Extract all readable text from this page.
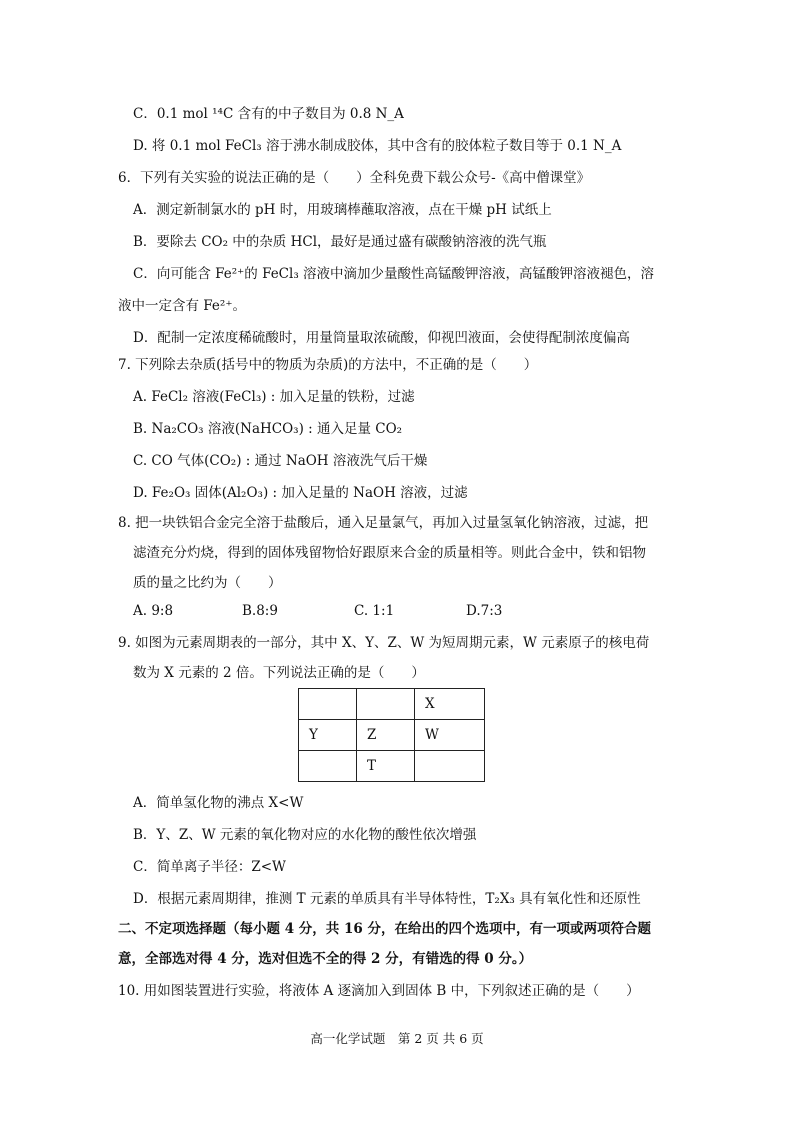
C．0.1 mol ¹⁴C 含有的中子数目为 0.8 N_A
D. 将 0.1 mol FeCl₃ 溶于沸水制成胶体，其中含有的胶体粒子数目等于 0.1 N_A
6．下列有关实验的说法正确的是（　　）全科免费下载公众号-《高中僧课堂》
A．测定新制氯水的 pH 时，用玻璃棒蘸取溶液，点在干燥 pH 试纸上
B．要除去 CO₂ 中的杂质 HCl，最好是通过盛有碳酸钠溶液的洗气瓶
C．向可能含 Fe²⁺的 FeCl₃ 溶液中滴加少量酸性高锰酸钾溶液，高锰酸钾溶液褪色，溶
液中一定含有 Fe²⁺。
D．配制一定浓度稀硫酸时，用量筒量取浓硫酸，仰视凹液面，会使得配制浓度偏高
7. 下列除去杂质(括号中的物质为杂质)的方法中，不正确的是（　　）
A. FeCl₂ 溶液(FeCl₃) : 加入足量的铁粉，过滤
B. Na₂CO₃ 溶液(NaHCO₃) : 通入足量 CO₂
C. CO 气体(CO₂) : 通过 NaOH 溶液洗气后干燥
D. Fe₂O₃ 固体(Al₂O₃) : 加入足量的 NaOH 溶液，过滤
8. 把一块铁铝合金完全溶于盐酸后，通入足量氯气，再加入过量氢氧化钠溶液，过滤，把
滤渣充分灼烧，得到的固体残留物恰好跟原来合金的质量相等。则此合金中，铁和铝物
质的量之比约为（　　）
A. 9:8	B.8:9	C. 1:1	D.7:3
9. 如图为元素周期表的一部分，其中 X、Y、Z、W 为短周期元素，W 元素原子的核电荷
数为 X 元素的 2 倍。下列说法正确的是（　　）
		X
Y	Z	W
	T	
A．简单氢化物的沸点 X<W
B．Y、Z、W 元素的氧化物对应的水化物的酸性依次增强
C．简单离子半径：Z<W
D．根据元素周期律，推测 T 元素的单质具有半导体特性，T₂X₃ 具有氧化性和还原性
二、不定项选择题（每小题 4 分，共 16 分，在给出的四个选项中，有一项或两项符合题
意，全部选对得 4 分，选对但选不全的得 2 分，有错选的得 0 分。）
10. 用如图装置进行实验，将液体 A 逐滴加入到固体 B 中，下列叙述正确的是（　　）
高一化学试题　第 2 页 共 6 页
